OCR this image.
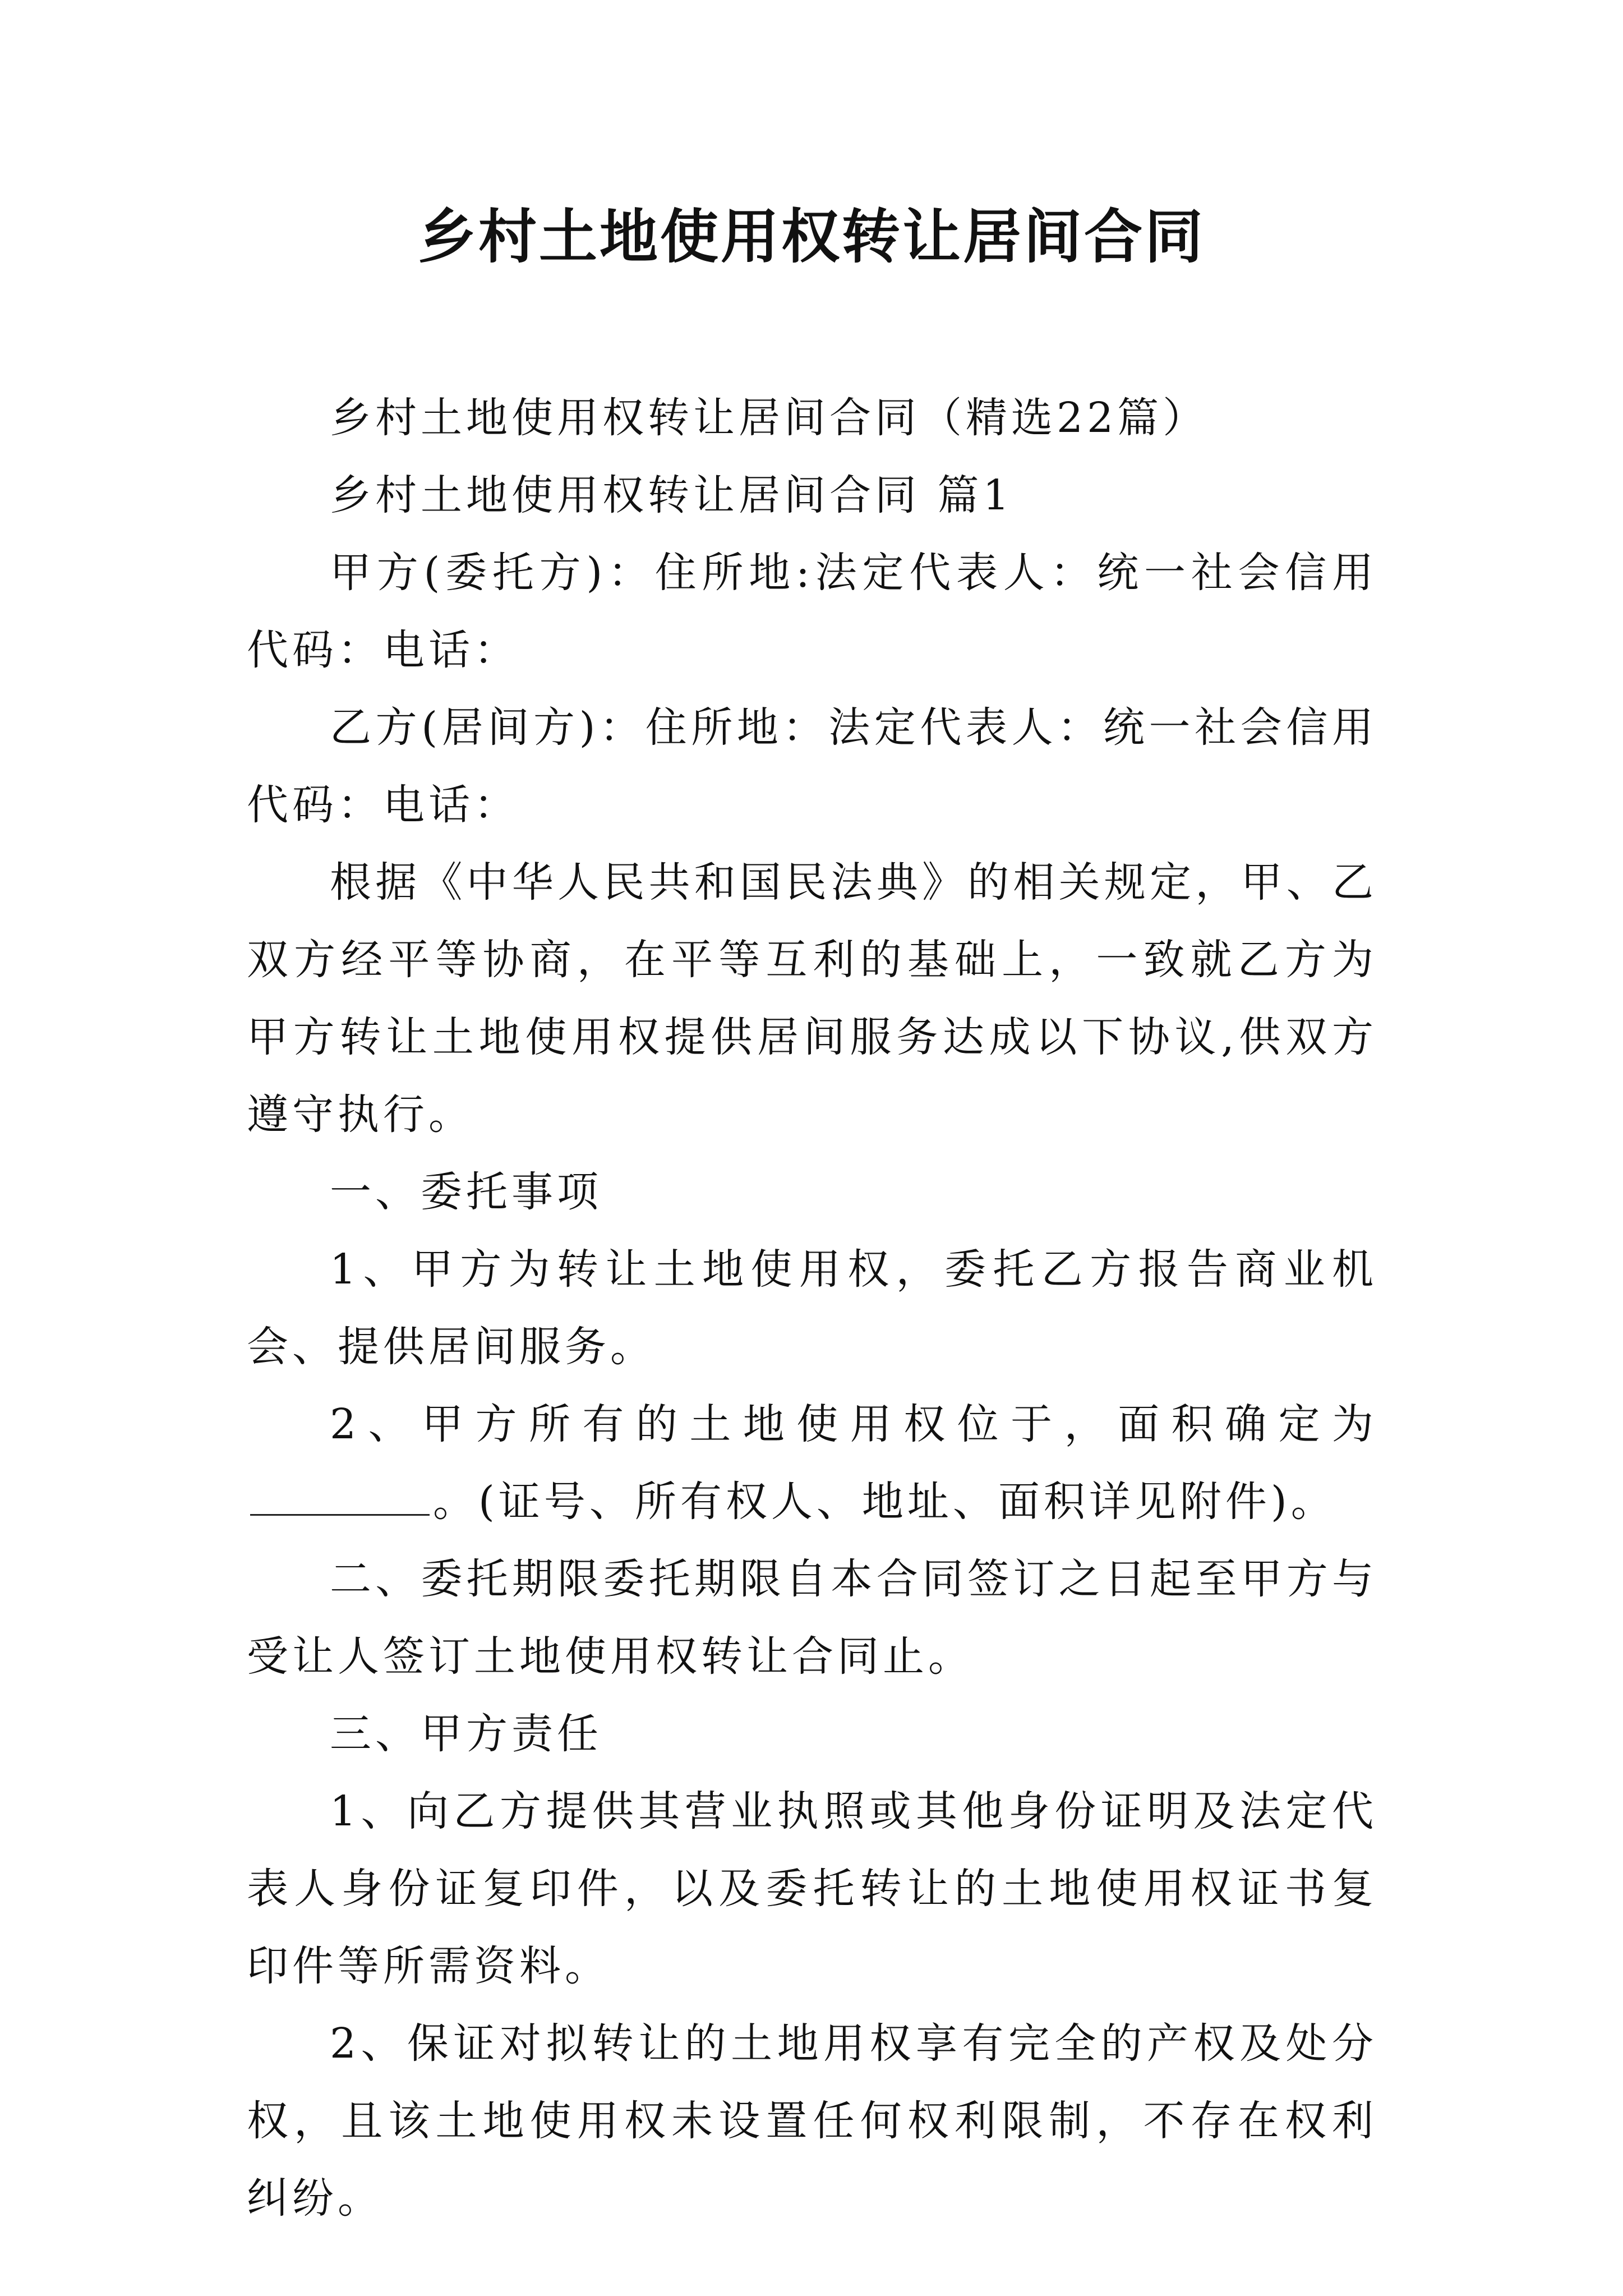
乡村土地使用权转让居间合同

乡村土地使用权转让居间合同（精选22篇）

乡村土地使用权转让居间合同 篇1

甲方(委托方)：住所地:法定代表人：统一社会信用代码：电话：

乙方(居间方)：住所地：法定代表人：统一社会信用代码：电话：

根据《中华人民共和国民法典》的相关规定，甲、乙双方经平等协商，在平等互利的基础上，一致就乙方为甲方转让土地使用权提供居间服务达成以下协议,供双方遵守执行。

一、委托事项

1、甲方为转让土地使用权，委托乙方报告商业机会、提供居间服务。

2、甲方所有的土地使用权位于，面积确定为。(证号、所有权人、地址、面积详见附件)。

二、委托期限委托期限自本合同签订之日起至甲方与受让人签订土地使用权转让合同止。

三、甲方责任

1、向乙方提供其营业执照或其他身份证明及法定代表人身份证复印件，以及委托转让的土地使用权证书复印件等所需资料。

2、保证对拟转让的土地用权享有完全的产权及处分权，且该土地使用权未设置任何权利限制，不存在权利纠纷。
